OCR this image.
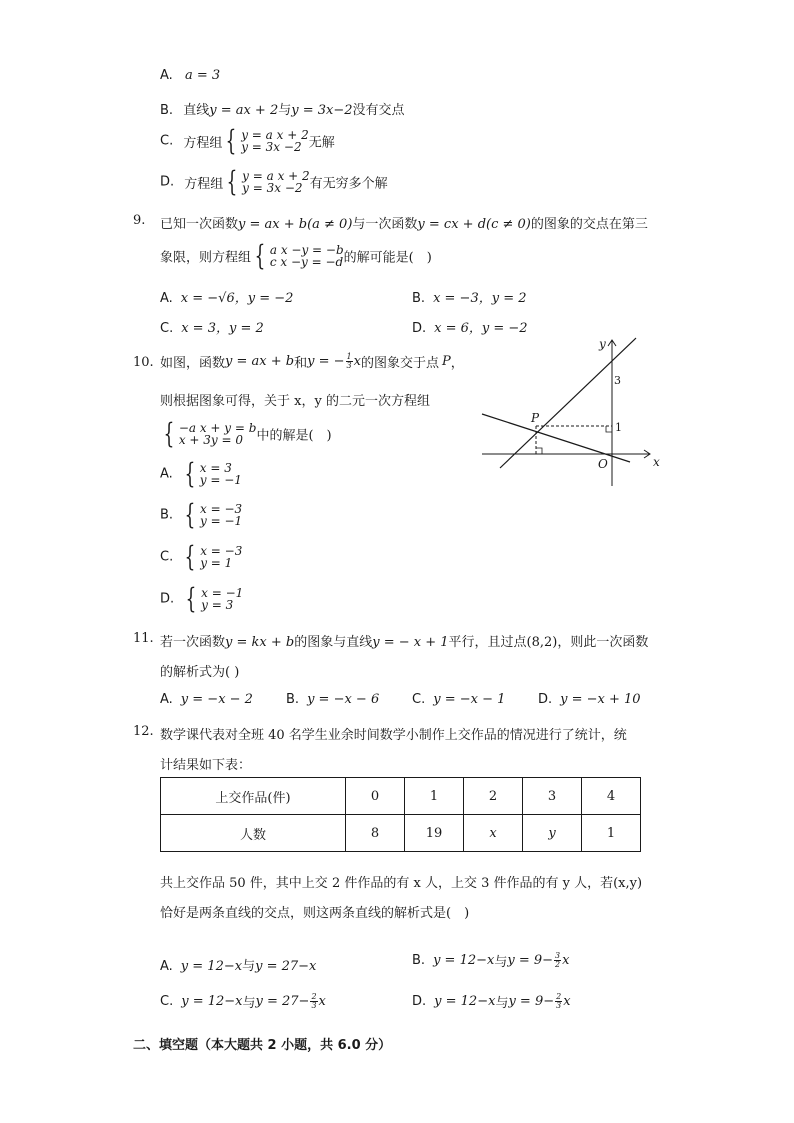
A. a = 3
B. 直线y = ax + 2与y = 3x−2没有交点
C. 方程组 { y = a x + 2
y = 3x −2 无解
D. 方程组 { y = a x + 2
y = 3x −2 有无穷多个解
9. 已知一次函数y = ax + b(a ≠ 0)与一次函数y = cx + d(c ≠ 0)的图象的交点在第三
象限，则方程组 { a x −y = −b
c x −y = −d 的解可能是(　)
A. x = −√6，y = −2	B. x = −3，y = 2
C. x = 3，y = 2	D. x = 6，y = −2
10. 如图，函数y = ax + b和y = − $\frac{1}{3}$ x的图象交于点 P，
则根据图象可得，关于 x，y 的二元一次方程组
{ −a x + y = b
x + 3y = 0	中的解是(　)
A. { x = 3
y = −1
B. { x = −3
y = −1
C. { x = −3
y = 1
D. { x = −1
y = 3
y
x
O
P
3
1
11. 若一次函数y = kx + b的图象与直线y = − x + 1平行，且过点(8,2)，则此一次函数
的解析式为( )
A. y = −x − 2	B. y = −x − 6	C. y = −x − 1	D. y = −x + 10
12. 数学课代表对全班 40 名学生业余时间数学小制作上交作品的情况进行了统计，统
计结果如下表：
上交作品(件)	0	1	2	3	4
人数	8	19	x	y	1
共上交作品 50 件，其中上交 2 件作品的有 x 人，上交 3 件作品的有 y 人，若(x,y)
恰好是两条直线的交点，则这两条直线的解析式是(　)
A. y = 12−x与y = 27−x	B. y = 12−x与$y = 9- \frac{3}{2}$ x
C. y = 12−x与$y = 27- \frac{2}{3}$ x	D. y = 12−x与$y = 9- \frac{2}{3}$ x
二、填空题（本大题共 2 小题，共 6.0 分）
